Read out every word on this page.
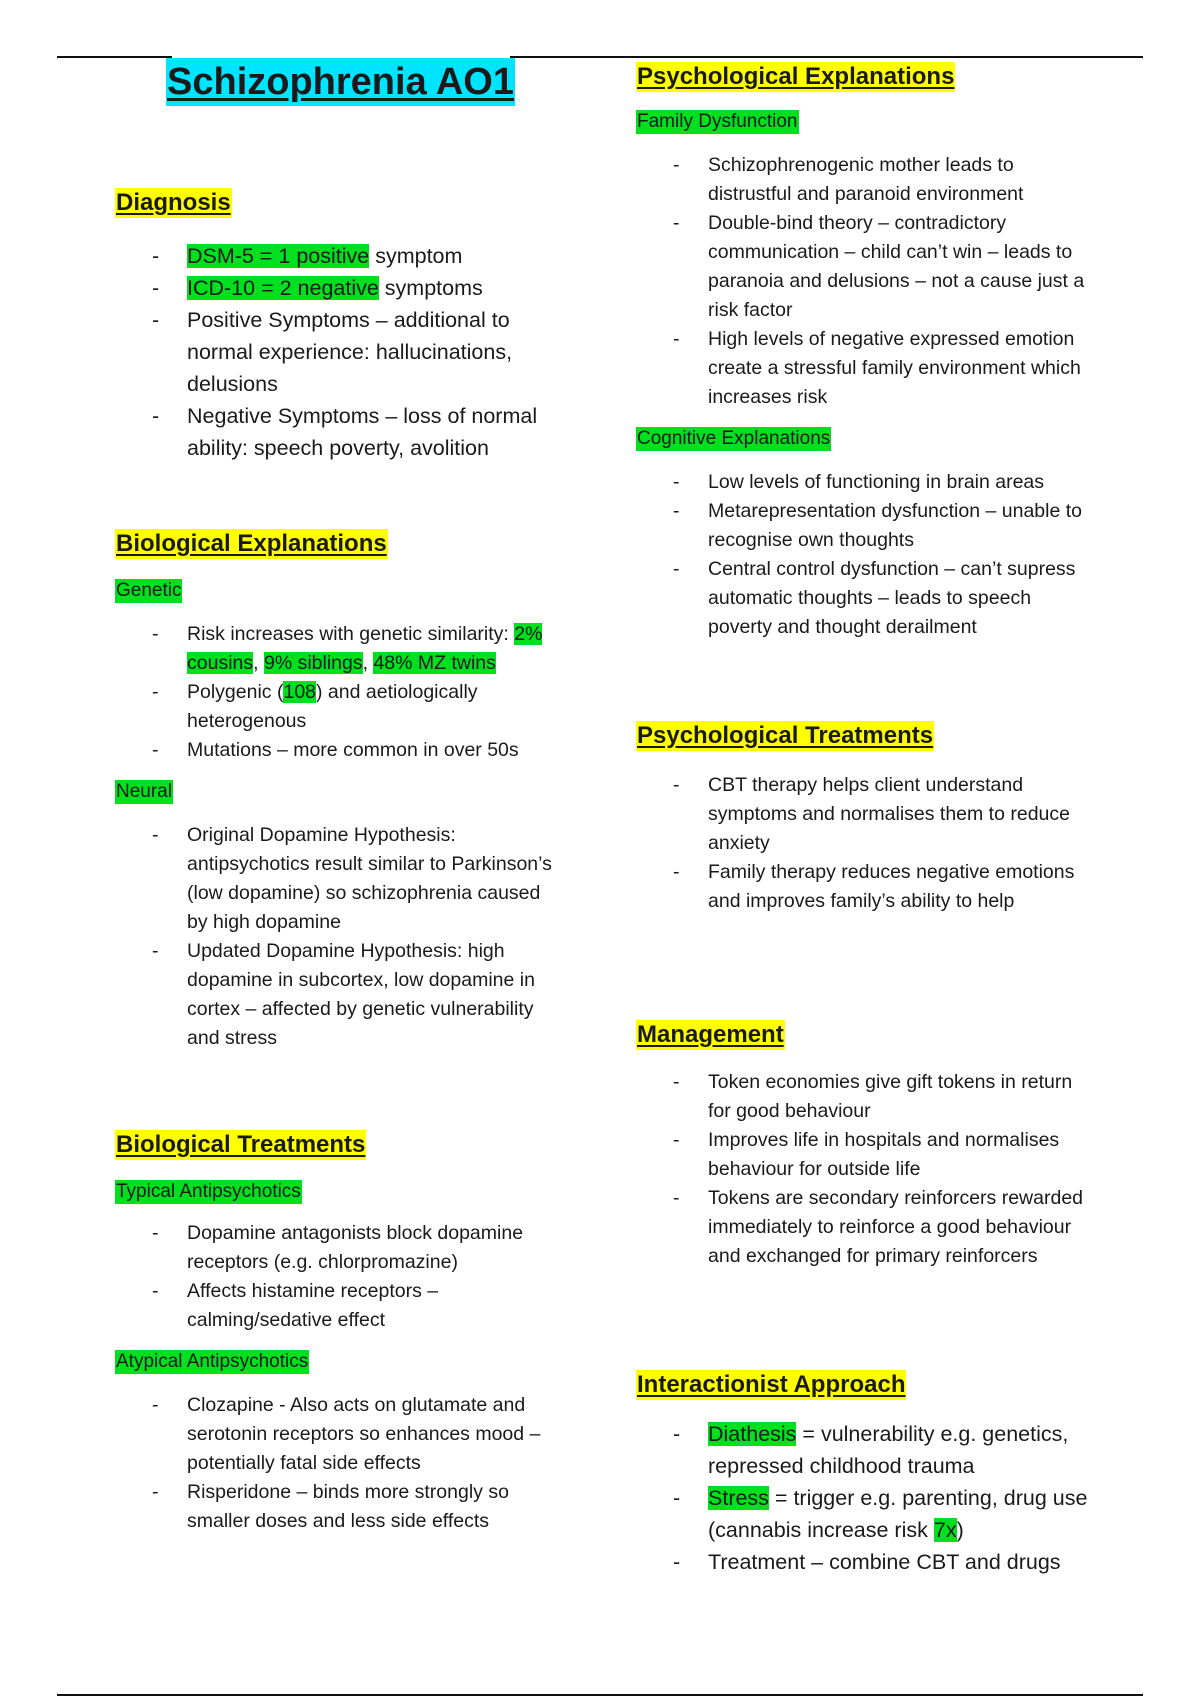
Schizophrenia AO1
Diagnosis
- DSM-5 = 1 positive symptom
- ICD-10 = 2 negative symptoms
- Positive Symptoms – additional to normal experience: hallucinations, delusions
- Negative Symptoms – loss of normal ability: speech poverty, avolition
Biological Explanations
Genetic
- Risk increases with genetic similarity: 2% cousins, 9% siblings, 48% MZ twins
- Polygenic (108) and aetiologically heterogenous
- Mutations – more common in over 50s
Neural
- Original Dopamine Hypothesis: antipsychotics result similar to Parkinson’s (low dopamine) so schizophrenia caused by high dopamine
- Updated Dopamine Hypothesis: high dopamine in subcortex, low dopamine in cortex – affected by genetic vulnerability and stress
Biological Treatments
Typical Antipsychotics
- Dopamine antagonists block dopamine receptors (e.g. chlorpromazine)
- Affects histamine receptors – calming/sedative effect
Atypical Antipsychotics
- Clozapine - Also acts on glutamate and serotonin receptors so enhances mood – potentially fatal side effects
- Risperidone – binds more strongly so smaller doses and less side effects
Psychological Explanations
Family Dysfunction
- Schizophrenogenic mother leads to distrustful and paranoid environment
- Double-bind theory – contradictory communication – child can’t win – leads to paranoia and delusions – not a cause just a risk factor
- High levels of negative expressed emotion create a stressful family environment which increases risk
Cognitive Explanations
- Low levels of functioning in brain areas
- Metarepresentation dysfunction – unable to recognise own thoughts
- Central control dysfunction – can’t supress automatic thoughts – leads to speech poverty and thought derailment
Psychological Treatments
- CBT therapy helps client understand symptoms and normalises them to reduce anxiety
- Family therapy reduces negative emotions and improves family’s ability to help
Management
- Token economies give gift tokens in return for good behaviour
- Improves life in hospitals and normalises behaviour for outside life
- Tokens are secondary reinforcers rewarded immediately to reinforce a good behaviour and exchanged for primary reinforcers
Interactionist Approach
- Diathesis = vulnerability e.g. genetics, repressed childhood trauma
- Stress = trigger e.g. parenting, drug use (cannabis increase risk 7x)
- Treatment – combine CBT and drugs
